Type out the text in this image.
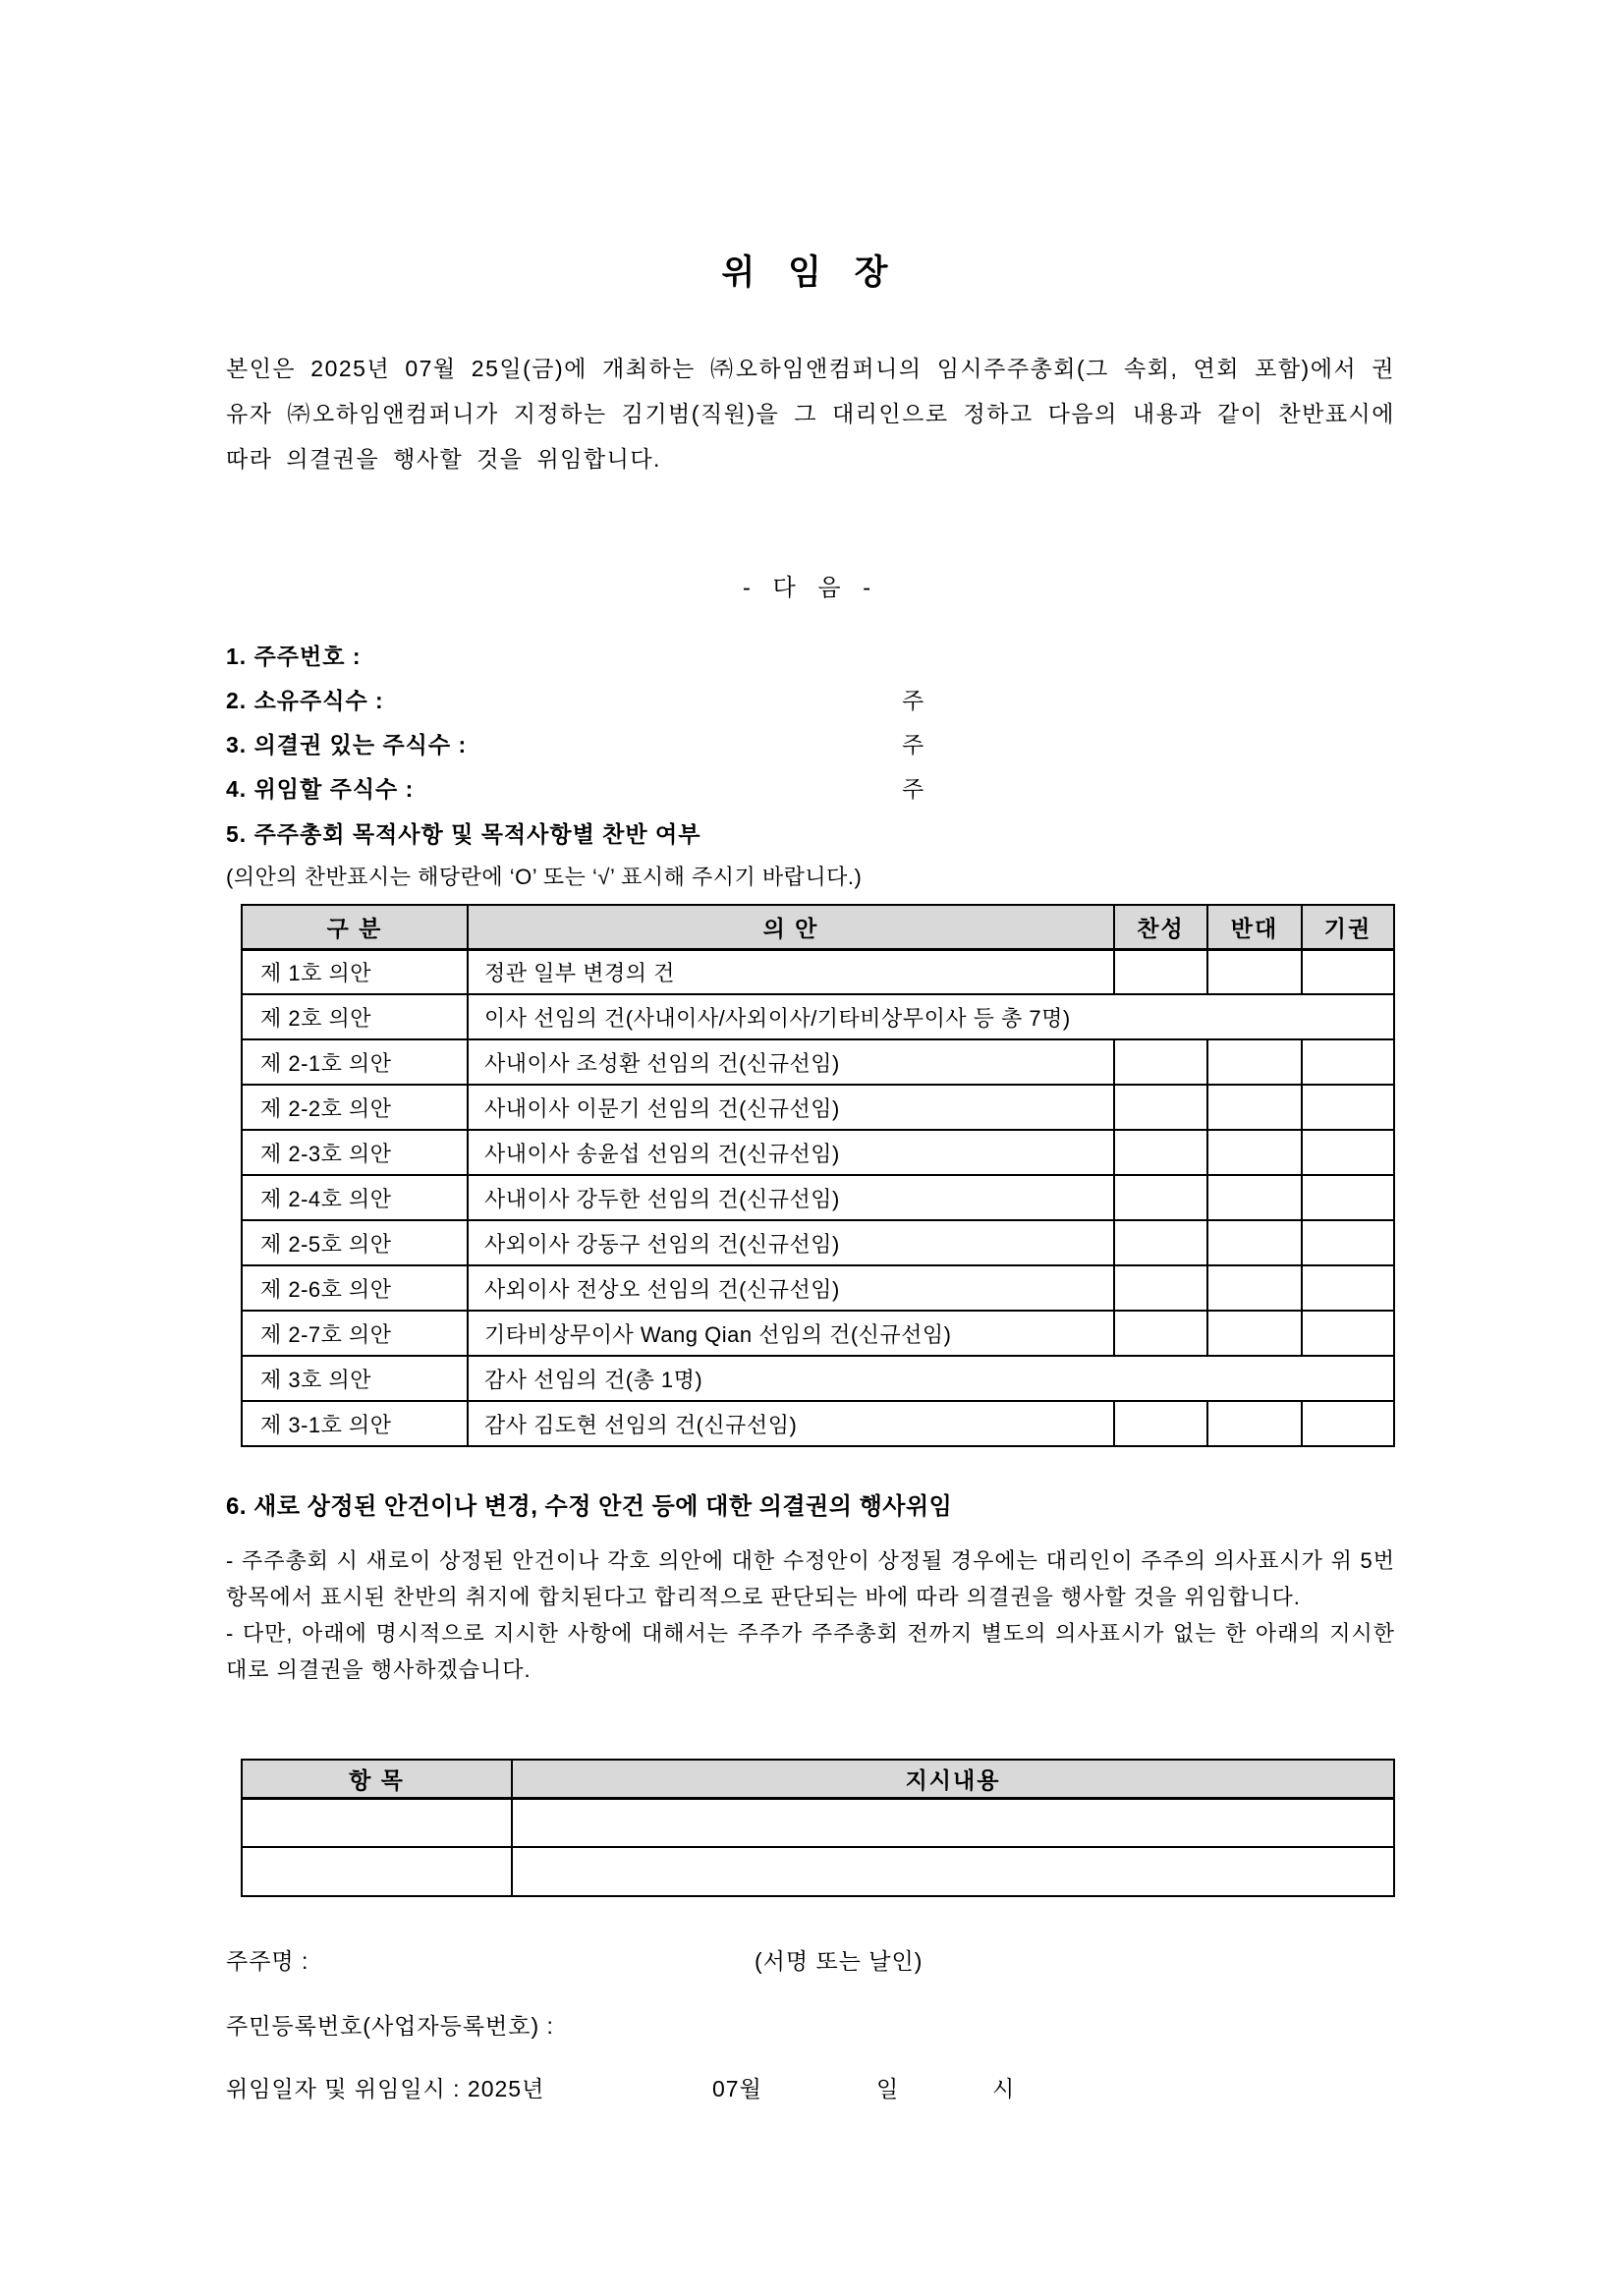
위 임 장

본인은 2025년 07월 25일(금)에 개최하는 ㈜오하임앤컴퍼니의 임시주주총회(그 속회, 연회 포함)에서 권유자 ㈜오하임앤컴퍼니가 지정하는 김기범(직원)을 그 대리인으로 정하고 다음의 내용과 같이 찬반표시에 따라 의결권을 행사할 것을 위임합니다.

- 다 음 -
1. 주주번호 :
2. 소유주식수 :	주
3. 의결권 있는 주식수 :	주
4. 위임할 주식수 :	주
5. 주주총회 목적사항 및 목적사항별 찬반 여부
(의안의 찬반표시는 해당란에 ‘O’ 또는 ‘√’ 표시해 주시기 바랍니다.)
구 분	의 안	찬성	반대	기권
제 1호 의안	정관 일부 변경의 건			
제 2호 의안	이사 선임의 건(사내이사/사외이사/기타비상무이사 등 총 7명)			
제 2-1호 의안	사내이사 조성환 선임의 건(신규선임)			
제 2-2호 의안	사내이사 이문기 선임의 건(신규선임)			
제 2-3호 의안	사내이사 송윤섭 선임의 건(신규선임)			
제 2-4호 의안	사내이사 강두한 선임의 건(신규선임)			
제 2-5호 의안	사외이사 강동구 선임의 건(신규선임)			
제 2-6호 의안	사외이사 전상오 선임의 건(신규선임)			
제 2-7호 의안	기타비상무이사 Wang Qian 선임의 건(신규선임)			
제 3호 의안	감사 선임의 건(총 1명)			
제 3-1호 의안	감사 김도현 선임의 건(신규선임)			
6. 새로 상정된 안건이나 변경, 수정 안건 등에 대한 의결권의 행사위임

- 주주총회 시 새로이 상정된 안건이나 각호 의안에 대한 수정안이 상정될 경우에는 대리인이 주주의 의사표시가 위 5번 항목에서 표시된 찬반의 취지에 합치된다고 합리적으로 판단되는 바에 따라 의결권을 행사할 것을 위임합니다.

- 다만, 아래에 명시적으로 지시한 사항에 대해서는 주주가 주주총회 전까지 별도의 의사표시가 없는 한 아래의 지시한 대로 의결권을 행사하겠습니다.

항 목	지시내용

주주명 :	(서명 또는 날인)
주민등록번호(사업자등록번호) :
위임일자 및 위임일시 : 2025년	07월	일	시
